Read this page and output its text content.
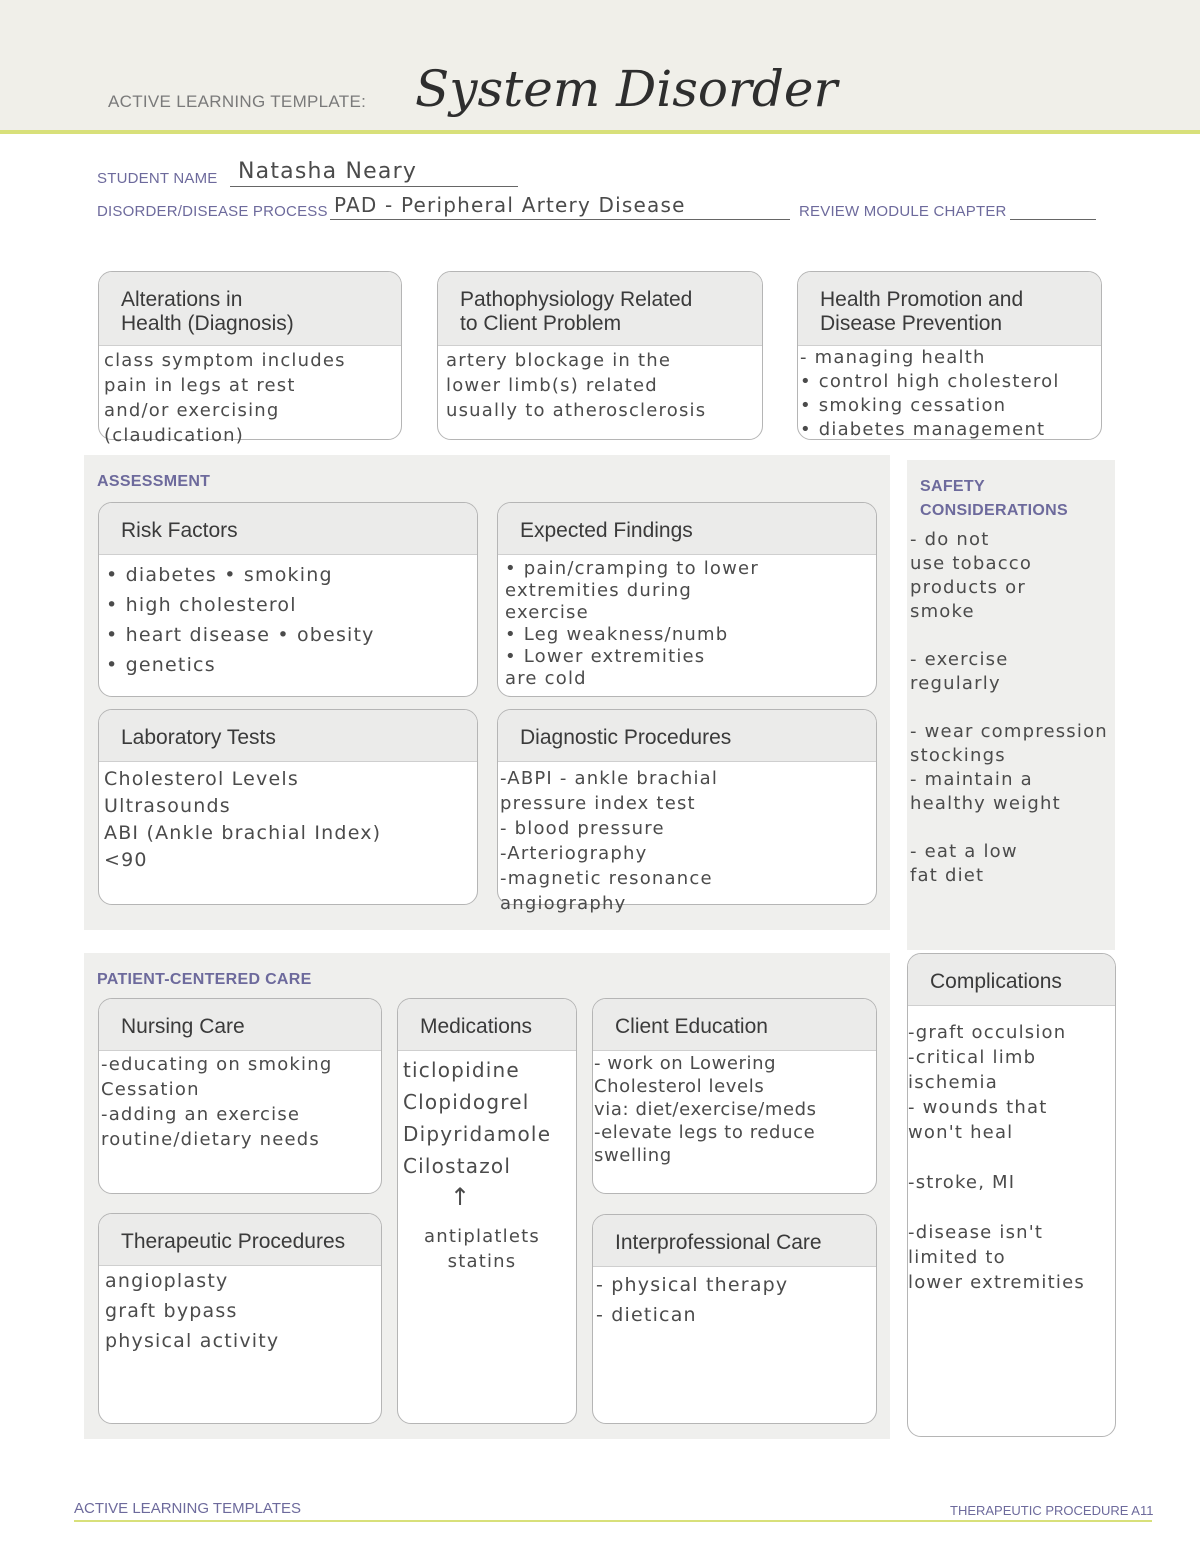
ACTIVE LEARNING TEMPLATE: System Disorder
STUDENT NAME Natasha Neary
DISORDER/DISEASE PROCESS PAD - Peripheral Artery Disease	REVIEW MODULE CHAPTER
Alterations in
Health (Diagnosis)
class symptom includes
pain in legs at rest
and/or exercising
(claudication)
Pathophysiology Related
to Client Problem
artery blockage in the
lower limb(s) related
usually to atherosclerosis
Health Promotion and
Disease Prevention
- managing health
• control high cholesterol
• smoking cessation
• diabetes management
ASSESSMENT
Risk Factors
• diabetes • smoking
• high cholesterol
• heart disease • obesity
• genetics
Expected Findings
• pain/cramping to lower
extremities during
exercise
• Leg weakness/numb
• Lower extremities
are cold
Laboratory Tests
Cholesterol Levels
Ultrasounds
ABI (Ankle brachial Index)
<90
Diagnostic Procedures
-ABPI - ankle brachial
pressure index test
- blood pressure
-Arteriography
-magnetic resonance
angiography
SAFETY
CONSIDERATIONS
- do not
use tobacco
products or
smoke

- exercise
regularly

- wear compression
stockings
- maintain a
healthy weight

- eat a low
fat diet
Complications
-graft occulsion
-critical limb
ischemia
- wounds that
won't heal

-stroke, MI

-disease isn't
limited to
lower extremities
PATIENT-CENTERED CARE
Nursing Care
-educating on smoking
Cessation
-adding an exercise
routine/dietary needs
Medications
ticlopidine
Clopidogrel
Dipyridamole
Cilostazol
↑
antiplatlets
statins
Client Education
- work on Lowering
Cholesterol levels
via: diet/exercise/meds
-elevate legs to reduce
swelling
Therapeutic Procedures
angioplasty
graft bypass
physical activity
Interprofessional Care
- physical therapy
- dietican
ACTIVE LEARNING TEMPLATES	THERAPEUTIC PROCEDURE A11
